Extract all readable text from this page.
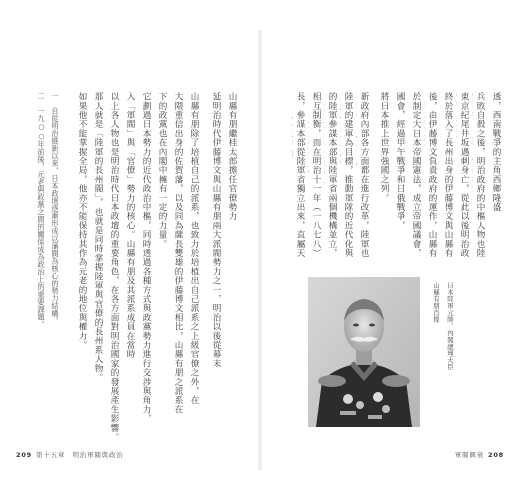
山縣有朋繼桂太郎擔任官僚勢力
延明治時代伊藤博文與山縣有朋兩大派閥勢力之一，明治以後從幕末
山縣有朋除了培植自己的派系，也致力於培植出自己派系之上級官僚之外，在
大隈重信出身的佐賀藩，以及同為薩長雙雄的伊藤博文相比，山縣有朋之派系在
下的政黨也在內閣中擁有一定的力量。
它劃過日本勢力的近代政治中樞，同時透過各種方式與政黨勢力進行交涉與角力，
入「軍閥」與「官僚」勢力的核心。山縣有朋及其派系成員在當時
以上各人物也是明治時代日本政壇的重要角色，在各方面對明治國家的發展產生影響。
那人就是「陸軍的長州閥」，也就是同時掌握陸軍與官僚的長州系人物。
如果他不能掌握全局，他亦不能保持其作為元老的地位與權力。
一　自從明治維新以來，日本政壇逐漸形成以藩閥為核心的勢力結構。
二　一九○○年前後，元老與政黨之間的關係成為政治上的重要課題。
209 第十五章　明治軍閥與政治
透，西南戰爭的主角西鄉隆盛
兵敗自殺之後，明治政府的中樞人物也陸
東京紀尾井坂遇刺身亡，從此以後明治政
終於落入了長州出身的伊藤博文與山縣有
後，由伊藤博文負責政府的運作，山縣有
於制定大日本帝國憲法，成立帝國議會，
國會，經過甲午戰爭和日俄戰爭，
將日本推上世界強國之列。
新政府內部各方面都在進行改革，陸軍也
陸軍的建軍為目標，推動軍隊的近代化與
的陸軍參謀本部與陸軍省兩個機構並立，
相互制衡，而在明治十一年（一八七八）
長，參謀本部從陸軍省獨立出來，直屬天
山縣有朋肖像 日本陸軍元帥、內閣總理大臣
軍閥興衰 208
